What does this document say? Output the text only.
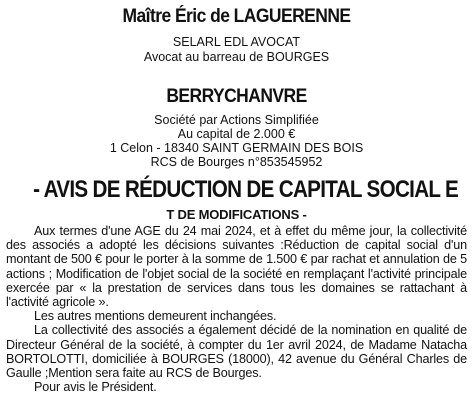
Maître Éric de LAGUERENNE
SELARL EDL AVOCAT
Avocat au barreau de BOURGES
BERRYCHANVRE
Société par Actions Simplifiée
Au capital de 2.000 €
1 Celon - 18340 SAINT GERMAIN DES BOIS
RCS de Bourges n°853545952
- AVIS DE RÉDUCTION DE CAPITAL SOCIAL E
T DE MODIFICATIONS -

Aux termes d'une AGE du 24 mai 2024, et à effet du même jour, la collectivité des associés a adopté les décisions suivantes :Réduction de capital social d'un montant de 500 € pour le porter à la somme de 1.500 € par rachat et annulation de 5 actions ; Modification de l'objet social de la société en remplaçant l'activité principale exercée par « la prestation de services dans tous les domaines se rattachant à l'activité agricole ».

Les autres mentions demeurent inchangées.

La collectivité des associés a également décidé de la nomination en qualité de Directeur Général de la société, à compter du 1er avril 2024, de Madame Natacha BORTOLOTTI, domiciliée à BOURGES (18000), 42 avenue du Général Charles de Gaulle ;Mention sera faite au RCS de Bourges.

Pour avis le Président.
